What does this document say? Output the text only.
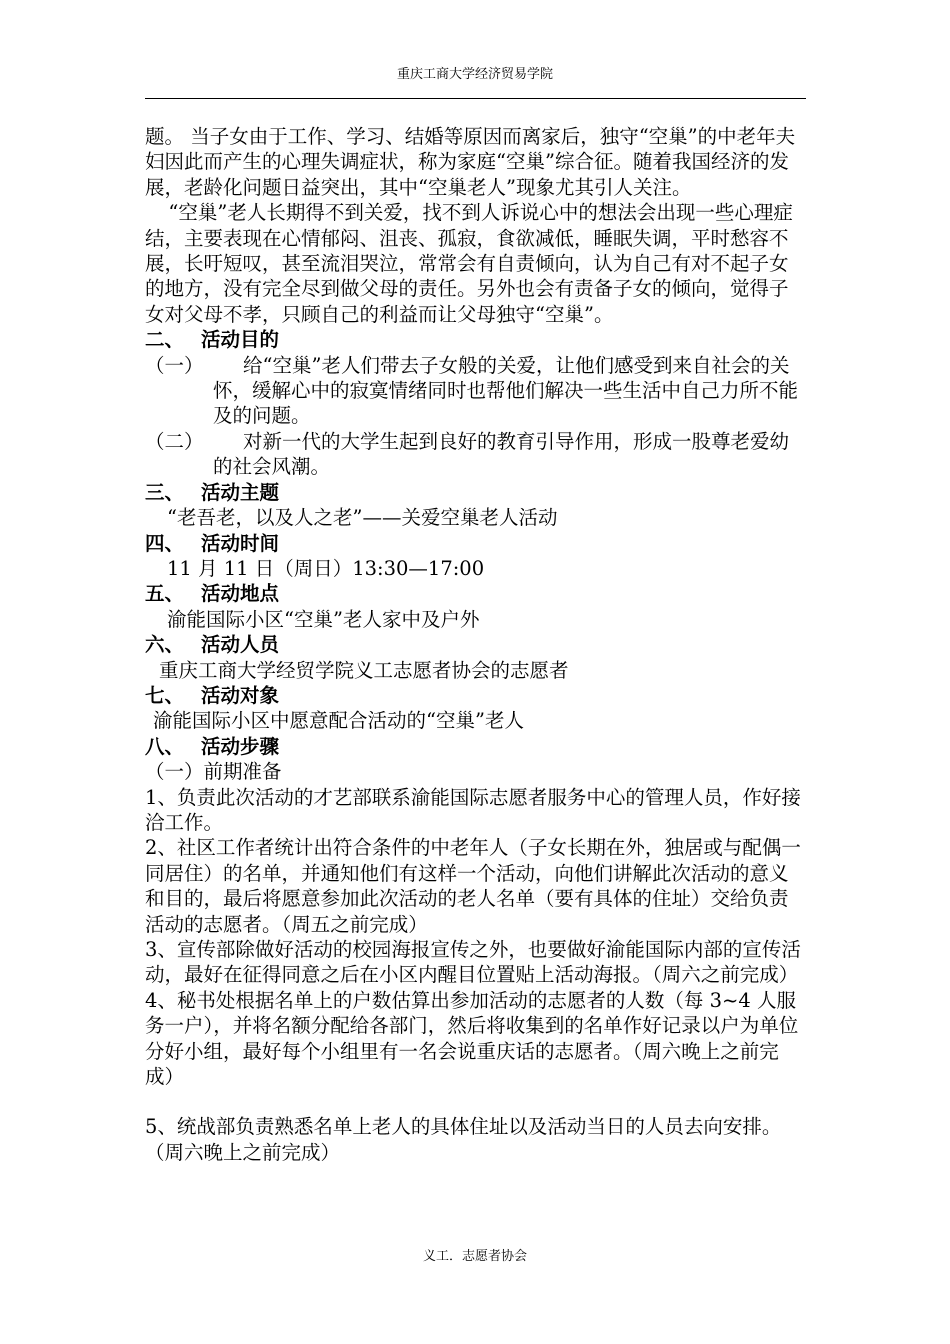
重庆工商大学经济贸易学院

题。 当子女由于工作、学习、结婚等原因而离家后，独守“空巢”的中老年夫妇因此而产生的心理失调症状，称为家庭“空巢”综合征。随着我国经济的发展，老龄化问题日益突出，其中“空巢老人”现象尤其引人关注。

“空巢”老人长期得不到关爱，找不到人诉说心中的想法会出现一些心理症结，主要表现在心情郁闷、沮丧、孤寂，食欲减低，睡眠失调，平时愁容不展，长吁短叹，甚至流泪哭泣，常常会有自责倾向，认为自己有对不起子女的地方，没有完全尽到做父母的责任。另外也会有责备子女的倾向，觉得子女对父母不孝，只顾自己的利益而让父母独守“空巢”。

二、 活动目的

（一）	给“空巢”老人们带去子女般的关爱，让他们感受到来自社会的关怀，缓解心中的寂寞情绪同时也帮他们解决一些生活中自己力所不能及的问题。
（二）	对新一代的大学生起到良好的教育引导作用，形成一股尊老爱幼的社会风潮。

三、 活动主题

“老吾老，以及人之老”——关爱空巢老人活动

四、 活动时间

11 月 11 日（周日）13:30—17:00

五、 活动地点

渝能国际小区“空巢”老人家中及户外

六、 活动人员

重庆工商大学经贸学院义工志愿者协会的志愿者

七、 活动对象

渝能国际小区中愿意配合活动的“空巢”老人

八、 活动步骤

（一）前期准备

1、负责此次活动的才艺部联系渝能国际志愿者服务中心的管理人员，作好接洽工作。

2、社区工作者统计出符合条件的中老年人（子女长期在外，独居或与配偶一同居住）的名单，并通知他们有这样一个活动，向他们讲解此次活动的意义和目的，最后将愿意参加此次活动的老人名单（要有具体的住址）交给负责活动的志愿者。（周五之前完成）

3、宣传部除做好活动的校园海报宣传之外，也要做好渝能国际内部的宣传活动，最好在征得同意之后在小区内醒目位置贴上活动海报。（周六之前完成）

4、秘书处根据名单上的户数估算出参加活动的志愿者的人数（每 3~4 人服务一户），并将名额分配给各部门，然后将收集到的名单作好记录以户为单位分好小组，最好每个小组里有一名会说重庆话的志愿者。（周六晚上之前完成）

5、统战部负责熟悉名单上老人的具体住址以及活动当日的人员去向安排。（周六晚上之前完成）

义工．志愿者协会
